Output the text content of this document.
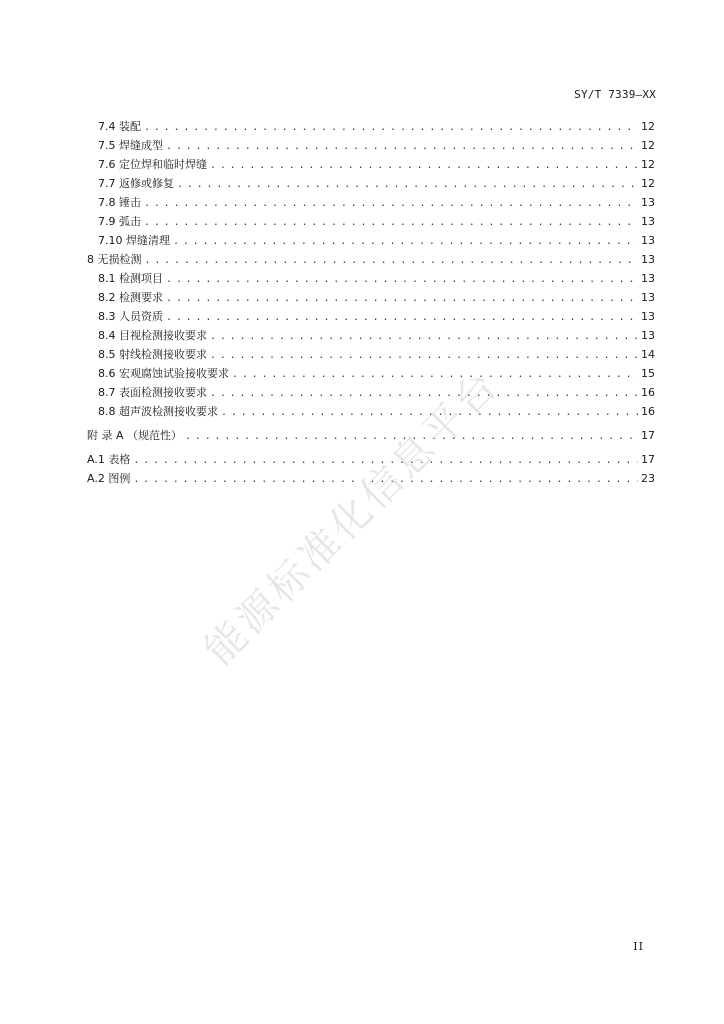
SY/T 7339—XX
7.4 装配 . . .	12
7.5 焊缝成型 . . .	12
7.6 定位焊和临时焊缝 . . .	12
7.7 返修或修复 . . .	12
7.8 锤击 . . .	13
7.9 弧击 . . .	13
7.10 焊缝清理 . . .	13
8 无损检测 . . .	13
8.1 检测项目 . . .	13
8.2 检测要求 . . .	13
8.3 人员资质 . . .	13
8.4 目视检测接收要求 . . .	13
8.5 射线检测接收要求 . . .	14
8.6 宏观腐蚀试验接收要求 . . .	15
8.7 表面检测接收要求 . . .	16
8.8 超声波检测接收要求 . . .	16
附 录 A （规范性） . . .	17
A.1 表格 . . .	17
A.2 图例 . . .	23
能源标准化信息平台
II
